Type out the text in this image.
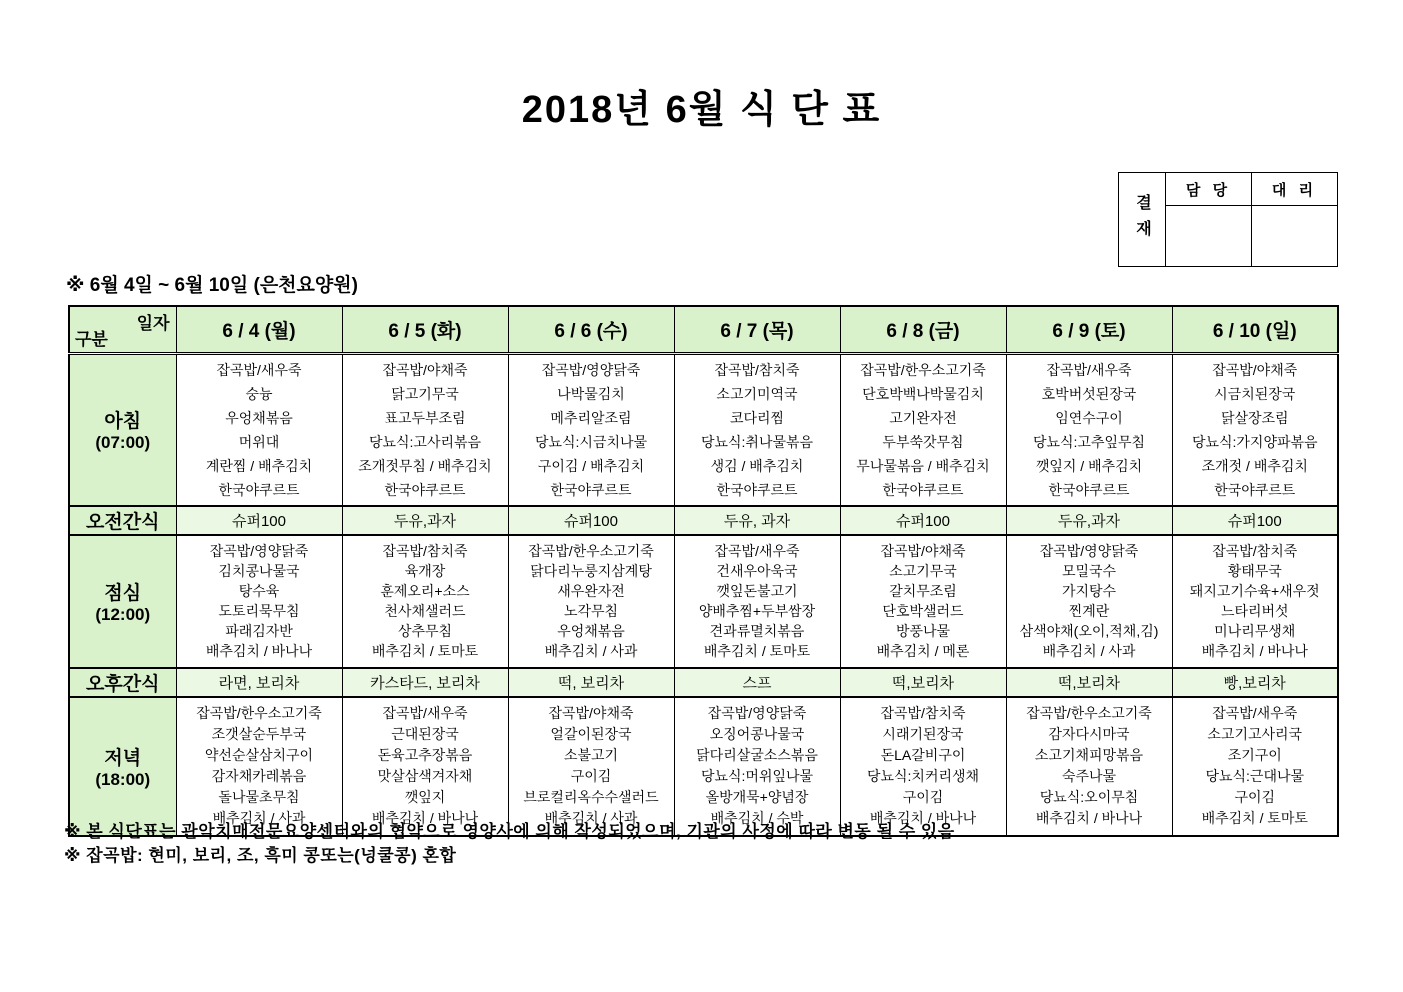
2018년 6월 식 단 표
결재	담 당	대 리

※ 6월 4일 ~ 6월 10일 (은천요양원)

일자
구분	6 / 4 (월)	6 / 5 (화)	6 / 6 (수)	6 / 7 (목)	6 / 8 (금)	6 / 9 (토)	6 / 10 (일)

아침
(07:00)

잡곡밥/새우죽
숭늉
우엉채볶음
머위대
계란찜 / 배추김치
한국야쿠르트

잡곡밥/야채죽
닭고기무국
표고두부조림
당뇨식:고사리볶음
조개젓무침 / 배추김치
한국야쿠르트

잡곡밥/영양닭죽
나박물김치
메추리알조림
당뇨식:시금치나물
구이김 / 배추김치
한국야쿠르트

잡곡밥/참치죽
소고기미역국
코다리찜
당뇨식:취나물볶음
생김 / 배추김치
한국야쿠르트

잡곡밥/한우소고기죽
단호박백나박물김치
고기완자전
두부쑥갓무침
무나물볶음 / 배추김치
한국야쿠르트

잡곡밥/새우죽
호박버섯된장국
임연수구이
당뇨식:고추잎무침
깻잎지 / 배추김치
한국야쿠르트

잡곡밥/야채죽
시금치된장국
닭살장조림
당뇨식:가지양파볶음
조개젓 / 배추김치
한국야쿠르트

오전간식	슈퍼100	두유,과자	슈퍼100	두유, 과자	슈퍼100	두유,과자	슈퍼100

점심
(12:00)

잡곡밥/영양닭죽
김치콩나물국
탕수육
도토리묵무침
파래김자반
배추김치 / 바나나

잡곡밥/참치죽
육개장
훈제오리+소스
천사채샐러드
상추무침
배추김치 / 토마토

잡곡밥/한우소고기죽
닭다리누룽지삼계탕
새우완자전
노각무침
우엉채볶음
배추김치 / 사과

잡곡밥/새우죽
건새우아욱국
깻잎돈불고기
양배추찜+두부쌈장
견과류멸치볶음
배추김치 / 토마토

잡곡밥/야채죽
소고기무국
갈치무조림
단호박샐러드
방풍나물
배추김치 / 메론

잡곡밥/영양닭죽
모밀국수
가지탕수
찐계란
삼색야채(오이,적채,김)
배추김치 / 사과

잡곡밥/참치죽
황태무국
돼지고기수육+새우젓
느타리버섯
미나리무생채
배추김치 / 바나나

오후간식	라면, 보리차	카스타드, 보리차	떡, 보리차	스프	떡,보리차	떡,보리차	빵,보리차

저녁
(18:00)

잡곡밥/한우소고기죽
조갯살순두부국
약선순살삼치구이
감자채카레볶음
돌나물초무침
배추김치 / 사과

잡곡밥/새우죽
근대된장국
돈육고추장볶음
맛살삼색겨자채
깻잎지
배추김치 / 바나나

잡곡밥/야채죽
얼갈이된장국
소불고기
구이김
브로컬리옥수수샐러드
배추김치 / 사과

잡곡밥/영양닭죽
오징어콩나물국
닭다리살굴소스볶음
당뇨식:머위잎나물
올방개묵+양념장
배추김치 / 수박

잡곡밥/참치죽
시래기된장국
돈LA갈비구이
당뇨식:치커리생채
구이김
배추김치 / 바나나

잡곡밥/한우소고기죽
감자다시마국
소고기채피망볶음
숙주나물
당뇨식:오이무침
배추김치 / 바나나

잡곡밥/새우죽
소고기고사리국
조기구이
당뇨식:근대나물
구이김
배추김치 / 토마토
※ 본 식단표는 관악치매전문요양센터와의 협약으로 영양사에 의해 작성되었으며, 기관의 사정에 따라 변동 될 수 있음
※ 잡곡밥: 현미, 보리, 조, 흑미 콩또는(넝쿨콩) 혼합
